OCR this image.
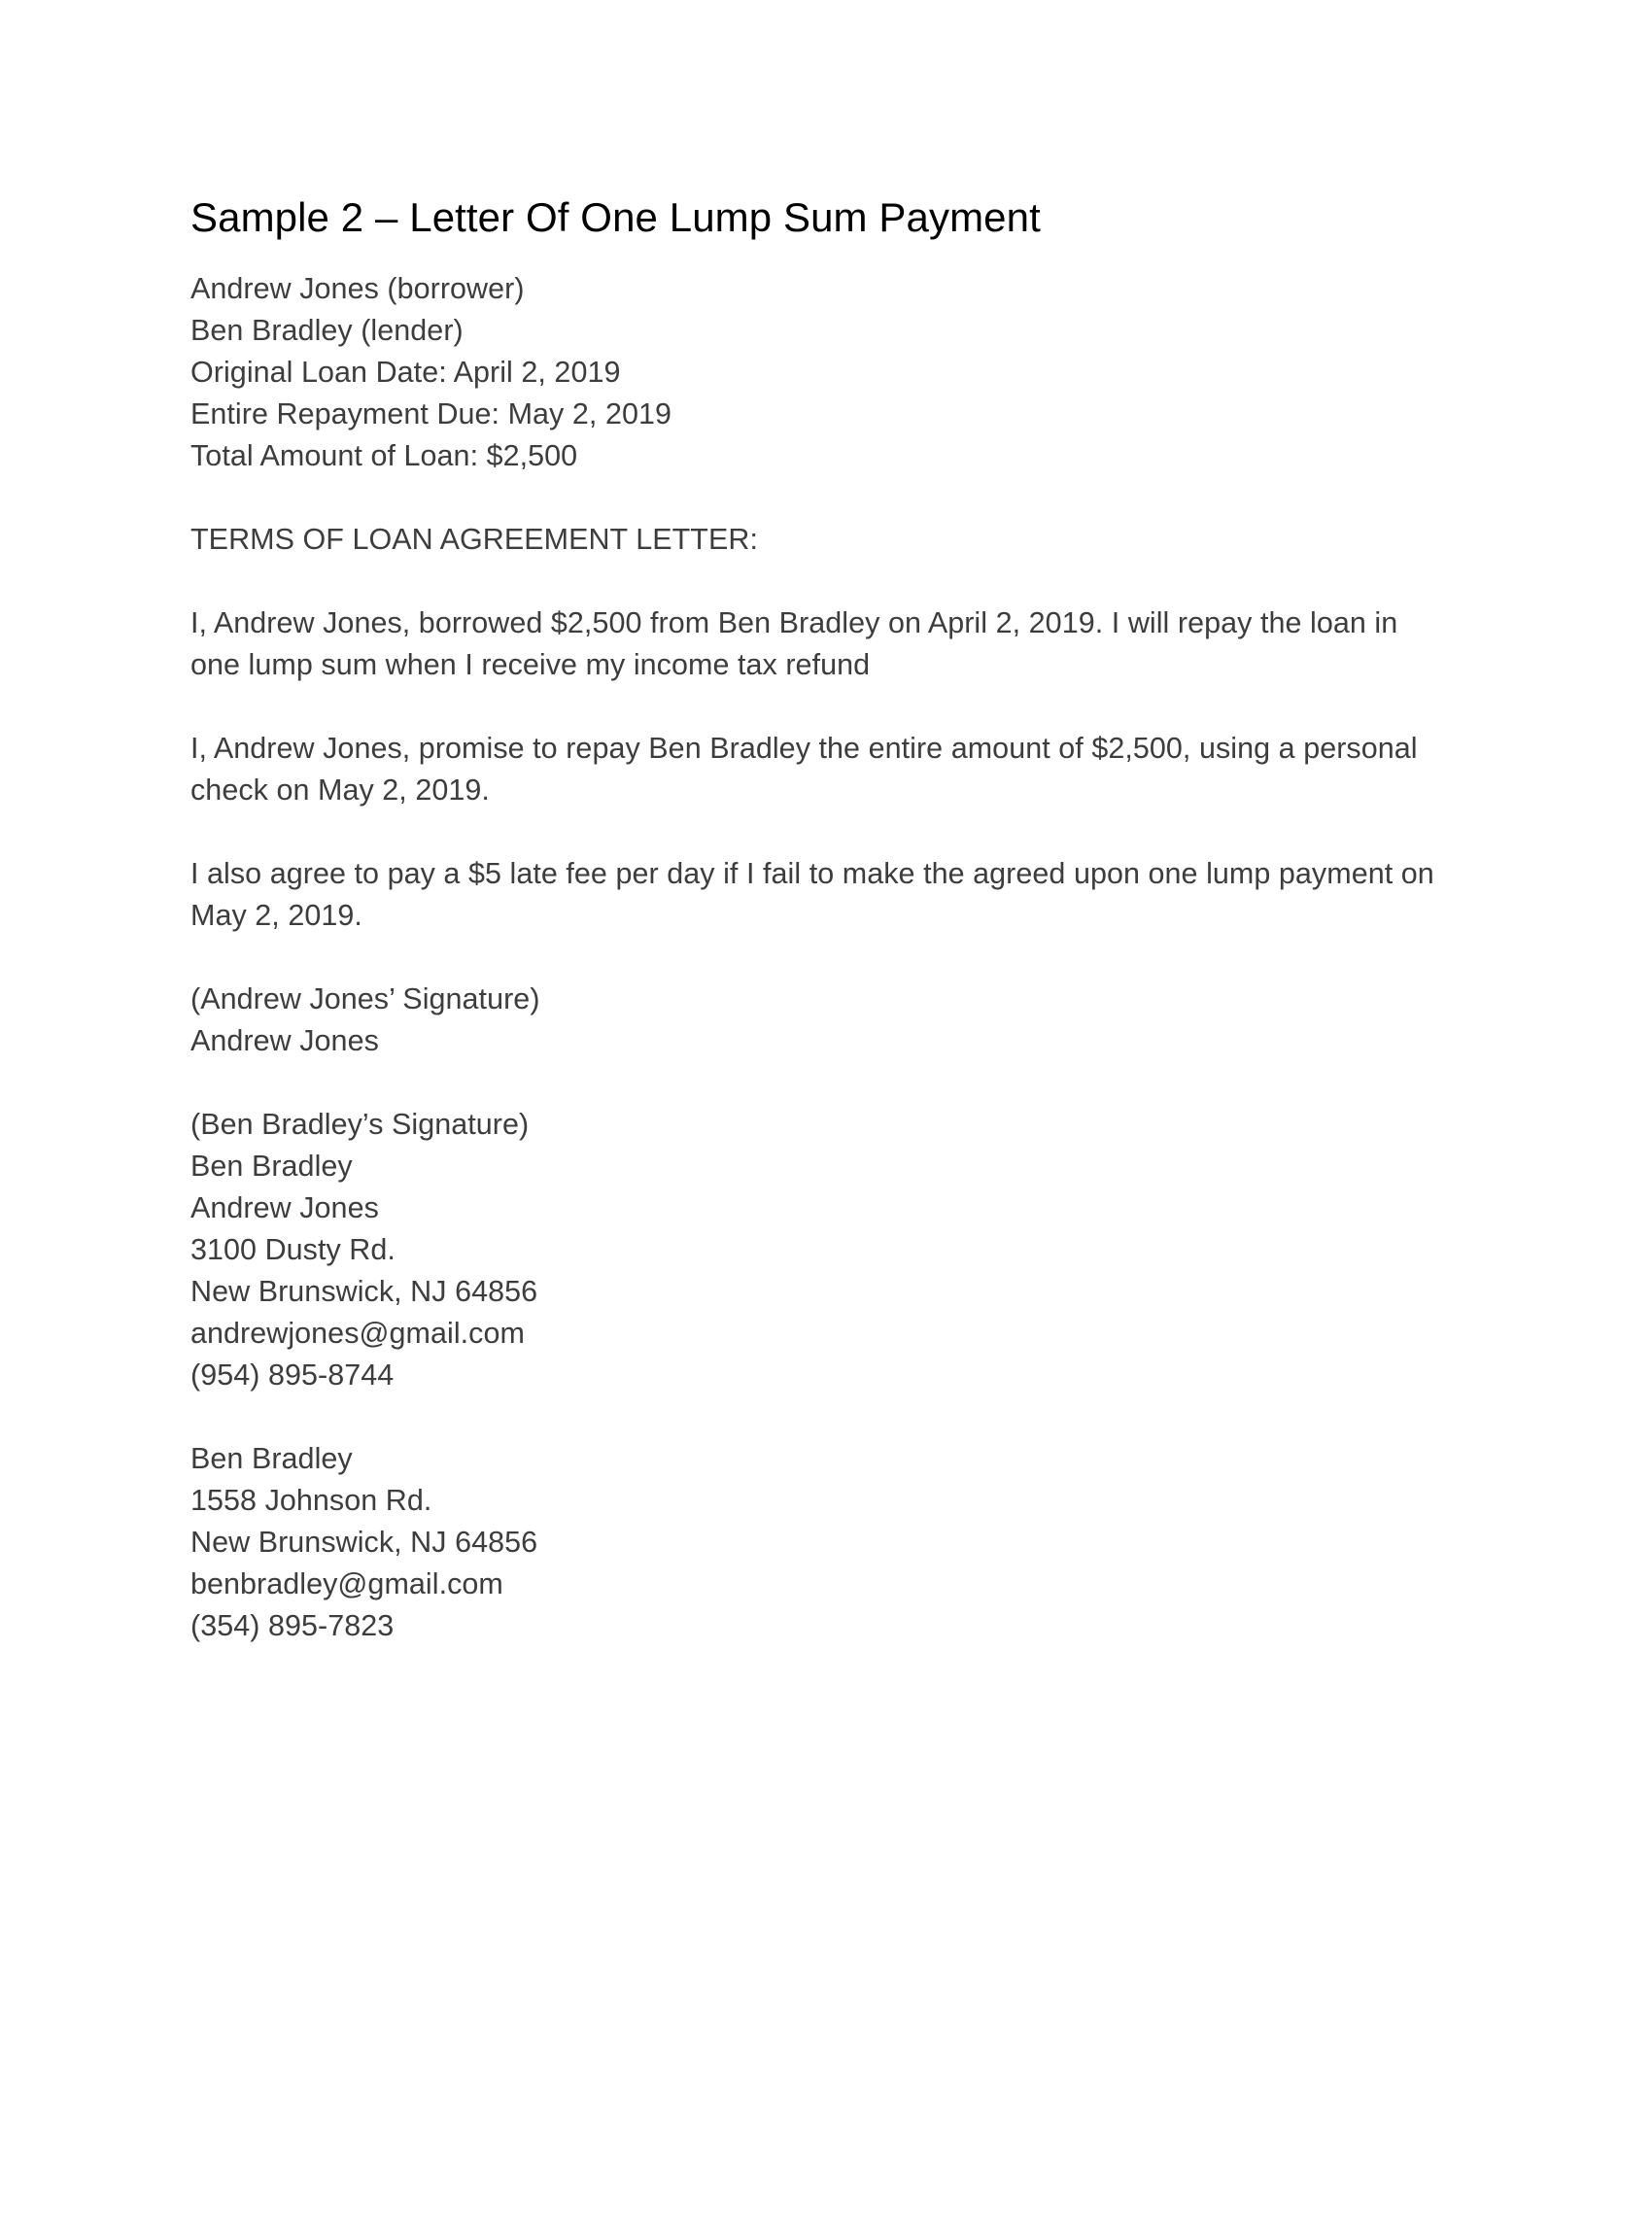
Sample 2 – Letter Of One Lump Sum Payment
Andrew Jones (borrower)
Ben Bradley (lender)
Original Loan Date: April 2, 2019
Entire Repayment Due: May 2, 2019
Total Amount of Loan: $2,500
TERMS OF LOAN AGREEMENT LETTER:
I, Andrew Jones, borrowed $2,500 from Ben Bradley on April 2, 2019. I will repay the loan in one lump sum when I receive my income tax refund
I, Andrew Jones, promise to repay Ben Bradley the entire amount of $2,500, using a personal check on May 2, 2019.
I also agree to pay a $5 late fee per day if I fail to make the agreed upon one lump payment on May 2, 2019.
(Andrew Jones’ Signature)
Andrew Jones
(Ben Bradley’s Signature)
Ben Bradley
Andrew Jones
3100 Dusty Rd.
New Brunswick, NJ 64856
andrewjones@gmail.com
(954) 895-8744
Ben Bradley
1558 Johnson Rd.
New Brunswick, NJ 64856
benbradley@gmail.com
(354) 895-7823
